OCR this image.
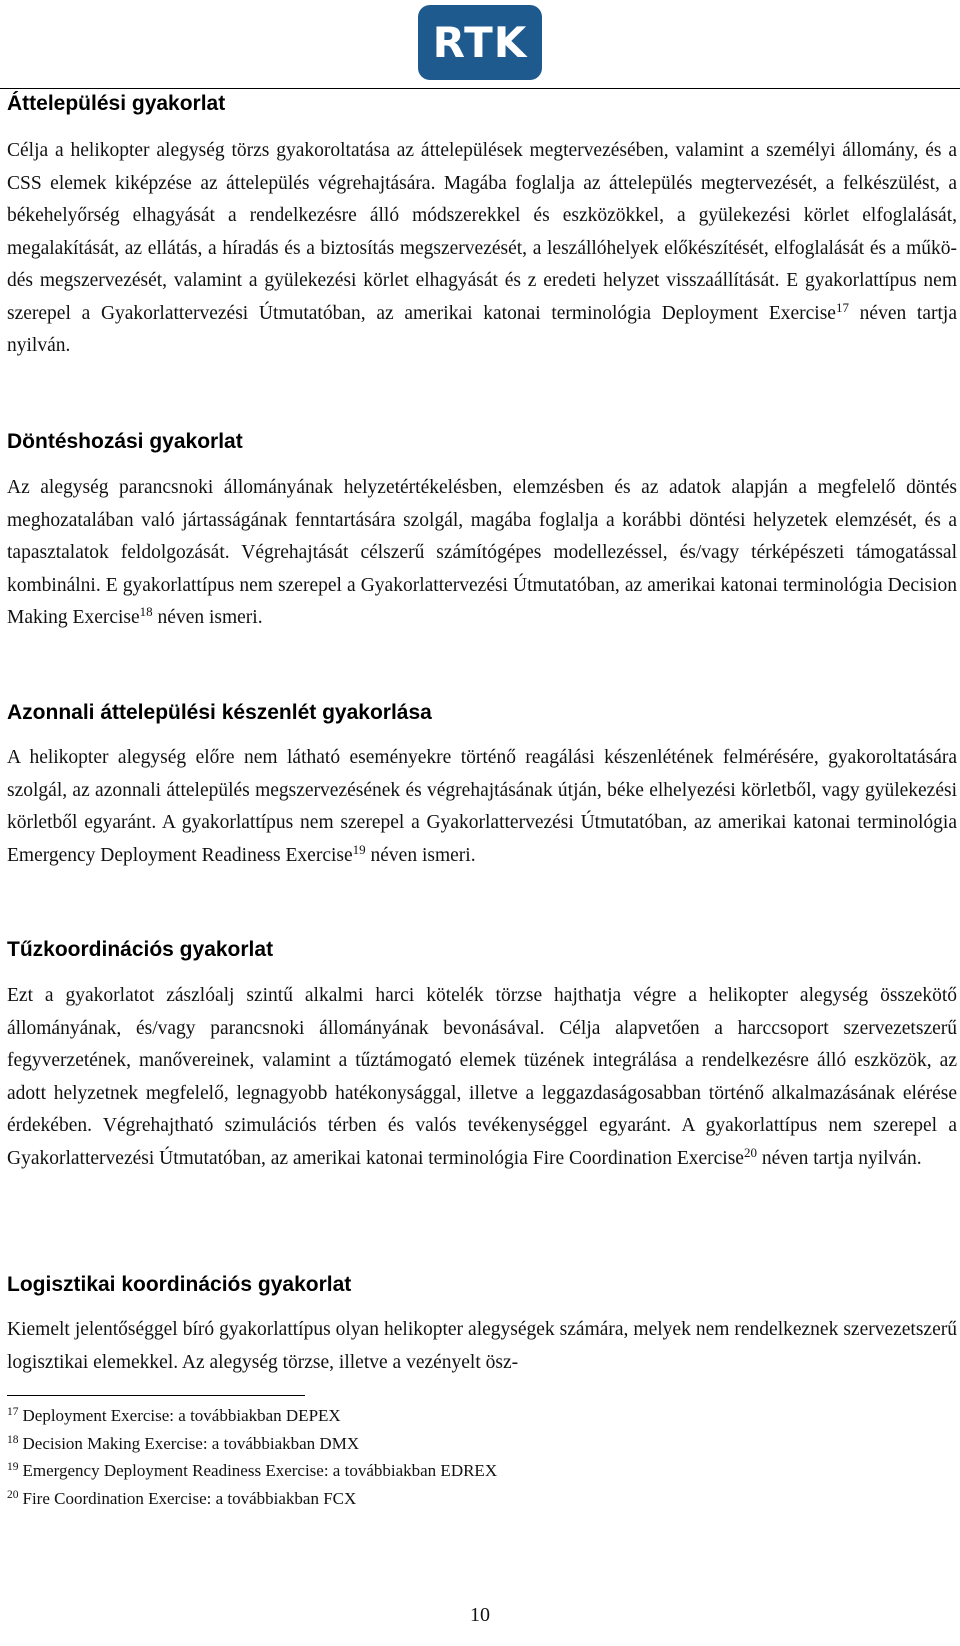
RTK
Áttelepülési gyakorlat

Célja a helikopter alegység törzs gyakoroltatása az áttelepülések megtervezésében, valamint a személyi állomány, és a CSS elemek kiképzése az áttelepülés végrehajtására. Magába foglalja az áttelepülés megtervezését, a felkészülést, a békehelyőrség elhagyását a rendelkezésre álló módszerekkel és eszközökkel, a gyülekezési körlet elfoglalását, megalakítását, az ellátás, a híradás és a biztosítás megszervezését, a leszállóhelyek előkészítését, elfoglalását és a működés megszervezését, valamint a gyülekezési körlet elhagyását és z eredeti helyzet visszaállítását. E gyakorlattípus nem szerepel a Gyakorlattervezési Útmutatóban, az amerikai katonai terminológia Deployment Exercise$^{17}$ néven tartja nyilván.

Döntéshozási gyakorlat

Az alegység parancsnoki állományának helyzetértékelésben, elemzésben és az adatok alapján a megfelelő döntés meghozatalában való jártasságának fenntartására szolgál, magába foglalja a korábbi döntési helyzetek elemzését, és a tapasztalatok feldolgozását. Végrehajtását célszerű számítógépes modellezéssel, és/vagy térképészeti támogatással kombinálni. E gyakorlattípus nem szerepel a Gyakorlattervezési Útmutatóban, az amerikai katonai terminológia Decision Making Exercise$^{18}$ néven ismeri.

Azonnali áttelepülési készenlét gyakorlása

A helikopter alegység előre nem látható eseményekre történő reagálási készenlétének felmérésére, gyakoroltatására szolgál, az azonnali áttelepülés megszervezésének és végrehajtásának útján, béke elhelyezési körletből, vagy gyülekezési körletből egyaránt. A gyakorlattípus nem szerepel a Gyakorlattervezési Útmutatóban, az amerikai katonai terminológia Emergency Deployment Readiness Exercise$^{19}$ néven ismeri.

Tűzkoordinációs gyakorlat

Ezt a gyakorlatot zászlóalj szintű alkalmi harci kötelék törzse hajthatja végre a helikopter alegység összekötő állományának, és/vagy parancsnoki állományának bevonásával. Célja alapvetően a harccsoport szervezetszerű fegyverzetének, manővereinek, valamint a tűztámogató elemek tüzének integrálása a rendelkezésre álló eszközök, az adott helyzetnek megfelelő, legnagyobb hatékonysággal, illetve a leggazdaságosabban történő alkalmazásának elérése érdekében. Végrehajtható szimulációs térben és valós tevékenységgel egyaránt. A gyakorlattípus nem szerepel a Gyakorlattervezési Útmutatóban, az amerikai katonai terminológia Fire Coordination Exercise$^{20}$ néven tartja nyilván.

Logisztikai koordinációs gyakorlat

Kiemelt jelentőséggel bíró gyakorlattípus olyan helikopter alegységek számára, melyek nem rendelkeznek szervezetszerű logisztikai elemekkel. Az alegység törzse, illetve a vezényelt ösz-

$^{17}$ Deployment Exercise: a továbbiakban DEPEX

$^{18}$ Decision Making Exercise: a továbbiakban DMX

$^{19}$ Emergency Deployment Readiness Exercise: a továbbiakban EDREX

$^{20}$ Fire Coordination Exercise: a továbbiakban FCX

10
